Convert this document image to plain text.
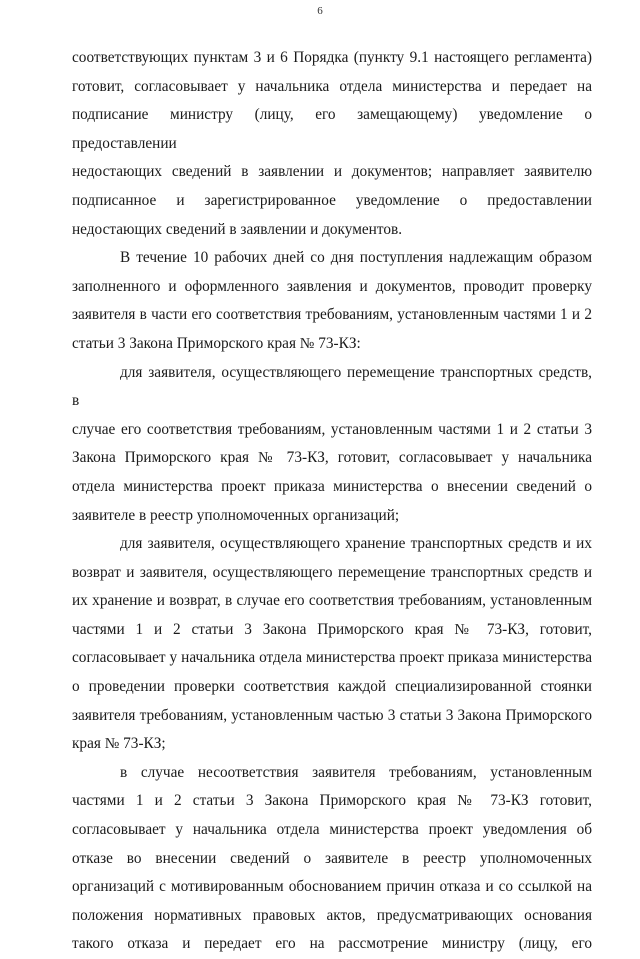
6

соответствующих пунктам 3 и 6 Порядка (пункту 9.1 настоящего регламента)
готовит, согласовывает у начальника отдела министерства и передает на
подписание министру (лицу, его замещающему) уведомление о предоставлении
недостающих сведений в заявлении и документов; направляет заявителю
подписанное и зарегистрированное уведомление о предоставлении
недостающих сведений в заявлении и документов.

В течение 10 рабочих дней со дня поступления надлежащим образом
заполненного и оформленного заявления и документов, проводит проверку
заявителя в части его соответствия требованиям, установленным частями 1 и 2
статьи 3 Закона Приморского края № 73-КЗ:

для заявителя, осуществляющего перемещение транспортных средств, в
случае его соответствия требованиям, установленным частями 1 и 2 статьи 3
Закона Приморского края № 73-КЗ, готовит, согласовывает у начальника
отдела министерства проект приказа министерства о внесении сведений о
заявителе в реестр уполномоченных организаций;

для заявителя, осуществляющего хранение транспортных средств и их
возврат и заявителя, осуществляющего перемещение транспортных средств и
их хранение и возврат, в случае его соответствия требованиям, установленным
частями 1 и 2 статьи 3 Закона Приморского края № 73-КЗ, готовит,
согласовывает у начальника отдела министерства проект приказа министерства
о проведении проверки соответствия каждой специализированной стоянки
заявителя требованиям, установленным частью 3 статьи 3 Закона Приморского
края № 73-КЗ;

в случае несоответствия заявителя требованиям, установленным
частями 1 и 2 статьи 3 Закона Приморского края № 73-КЗ готовит,
согласовывает у начальника отдела министерства проект уведомления об
отказе во внесении сведений о заявителе в реестр уполномоченных
организаций с мотивированным обоснованием причин отказа и со ссылкой на
положения нормативных правовых актов, предусматривающих основания
такого отказа и передает его на рассмотрение министру (лицу, его
